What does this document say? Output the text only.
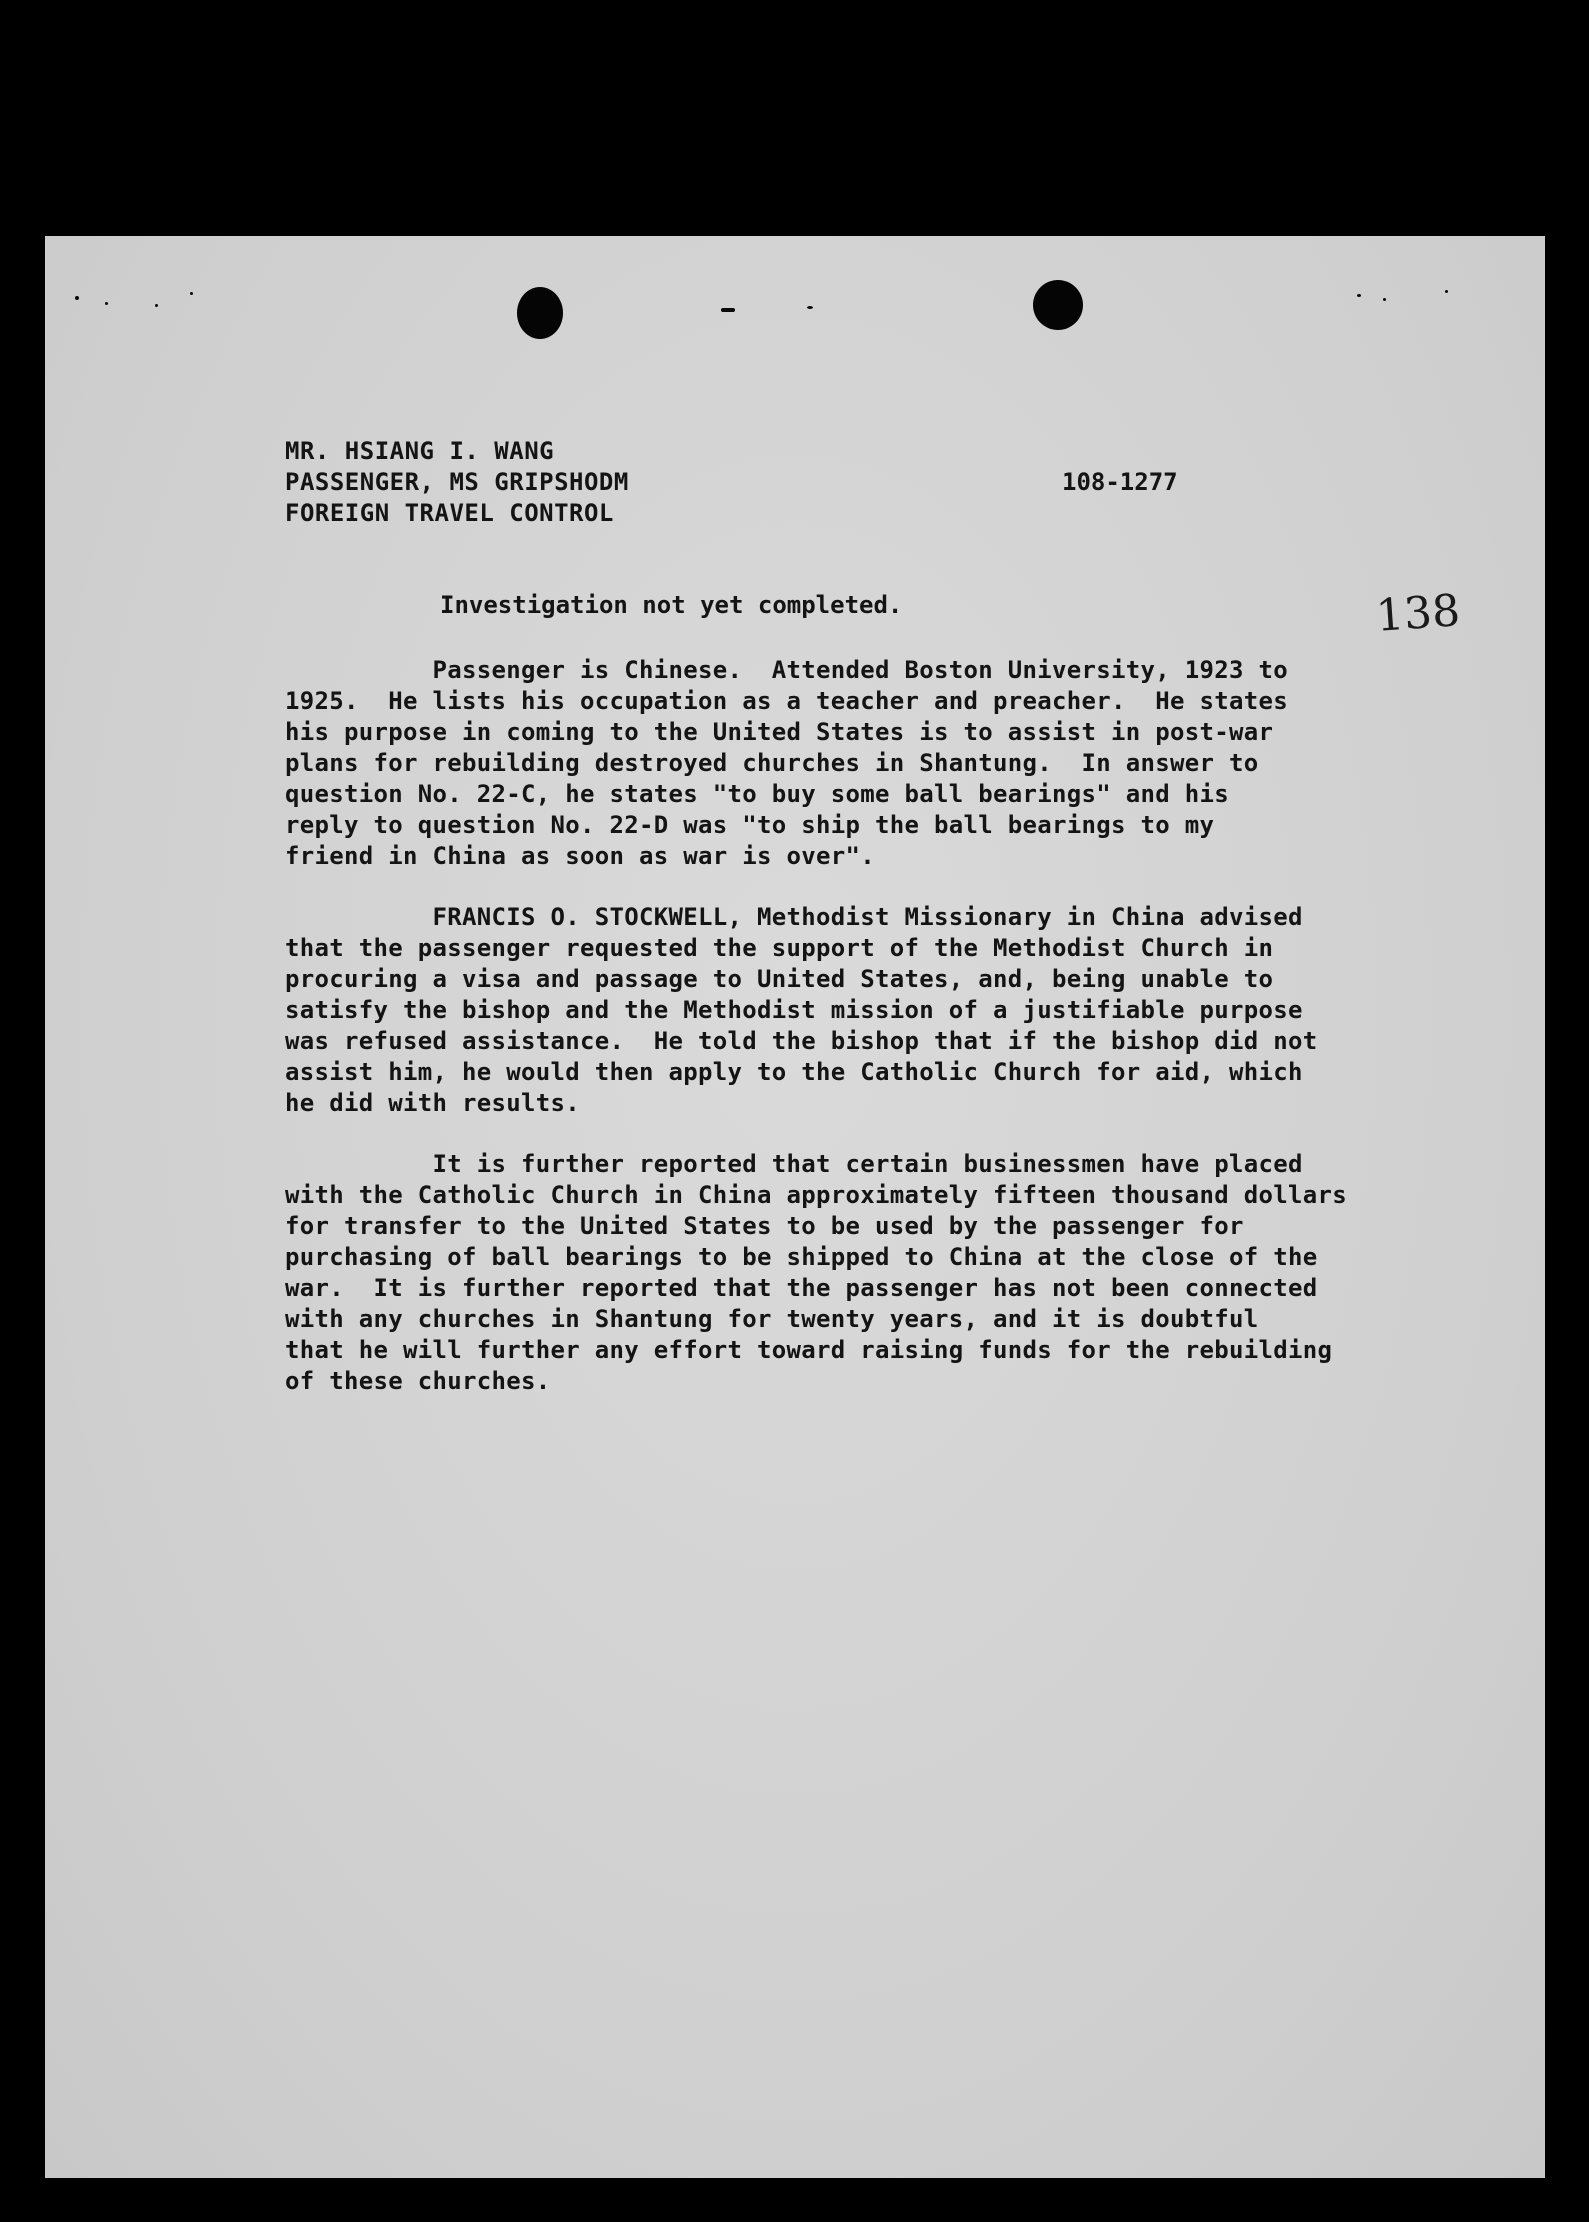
MR. HSIANG I. WANG
PASSENGER, MS GRIPSHODM
FOREIGN TRAVEL CONTROL
108-1277
138
Investigation not yet completed.
Passenger is Chinese.  Attended Boston University, 1923 to
1925.  He lists his occupation as a teacher and preacher.  He states
his purpose in coming to the United States is to assist in post-war
plans for rebuilding destroyed churches in Shantung.  In answer to
question No. 22-C, he states "to buy some ball bearings" and his
reply to question No. 22-D was "to ship the ball bearings to my
friend in China as soon as war is over".
FRANCIS O. STOCKWELL, Methodist Missionary in China advised
that the passenger requested the support of the Methodist Church in
procuring a visa and passage to United States, and, being unable to
satisfy the bishop and the Methodist mission of a justifiable purpose
was refused assistance.  He told the bishop that if the bishop did not
assist him, he would then apply to the Catholic Church for aid, which
he did with results.
It is further reported that certain businessmen have placed
with the Catholic Church in China approximately fifteen thousand dollars
for transfer to the United States to be used by the passenger for
purchasing of ball bearings to be shipped to China at the close of the
war.  It is further reported that the passenger has not been connected
with any churches in Shantung for twenty years, and it is doubtful
that he will further any effort toward raising funds for the rebuilding
of these churches.
